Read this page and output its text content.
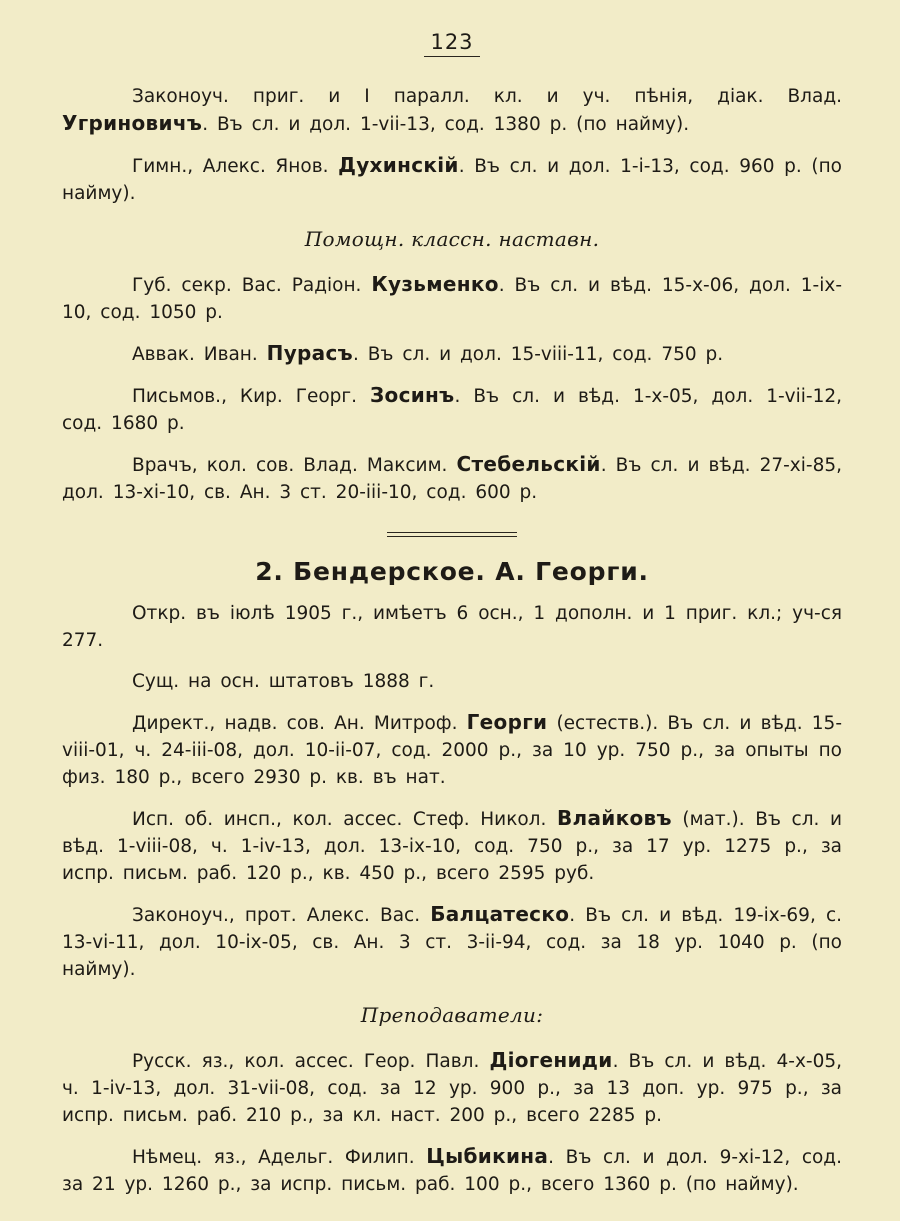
123

Законоуч. приг. и I паралл. кл. и уч. пѣнія, діак. Влад. Угриновичъ. Въ сл. и дол. 1-vii-13, сод. 1380 р. (по найму).

Гимн., Алекс. Янов. Духинскій. Въ сл. и дол. 1-i-13, сод. 960 р. (по найму).

Помощн. классн. наставн.

Губ. секр. Вас. Радіон. Кузьменко. Въ сл. и вѣд. 15-x-06, дол. 1-ix-10, сод. 1050 р.

Аввак. Иван. Пурасъ. Въ сл. и дол. 15-viii-11, сод. 750 р.

Письмов., Кир. Георг. Зосинъ. Въ сл. и вѣд. 1-x-05, дол. 1-vii-12, сод. 1680 р.

Врачъ, кол. сов. Влад. Максим. Стебельскій. Въ сл. и вѣд. 27-xi-85, дол. 13-xi-10, св. Ан. 3 ст. 20-iii-10, сод. 600 р.

2. Бендерское. А. Георги.

Откр. въ іюлѣ 1905 г., имѣетъ 6 осн., 1 дополн. и 1 приг. кл.; уч-ся 277.

Сущ. на осн. штатовъ 1888 г.

Директ., надв. сов. Ан. Митроф. Георги (естеств.). Въ сл. и вѣд. 15-viii-01, ч. 24-iii-08, дол. 10-ii-07, сод. 2000 р., за 10 ур. 750 р., за опыты по физ. 180 р., всего 2930 р. кв. въ нат.

Исп. об. инсп., кол. ассес. Стеф. Никол. Влайковъ (мат.). Въ сл. и вѣд. 1-viii-08, ч. 1-iv-13, дол. 13-ix-10, сод. 750 р., за 17 ур. 1275 р., за испр. письм. раб. 120 р., кв. 450 р., всего 2595 руб.

Законоуч., прот. Алекс. Вас. Балцатеско. Въ сл. и вѣд. 19-ix-69, с. 13-vi-11, дол. 10-ix-05, св. Ан. 3 ст. 3-ii-94, сод. за 18 ур. 1040 р. (по найму).

Преподаватели:

Русск. яз., кол. ассес. Геор. Павл. Діогениди. Въ сл. и вѣд. 4-x-05, ч. 1-iv-13, дол. 31-vii-08, сод. за 12 ур. 900 р., за 13 доп. ур. 975 р., за испр. письм. раб. 210 р., за кл. наст. 200 р., всего 2285 р.

Нѣмец. яз., Адельг. Филип. Цыбикина. Въ сл. и дол. 9-xi-12, сод. за 21 ур. 1260 р., за испр. письм. раб. 100 р., всего 1360 р. (по найму).
